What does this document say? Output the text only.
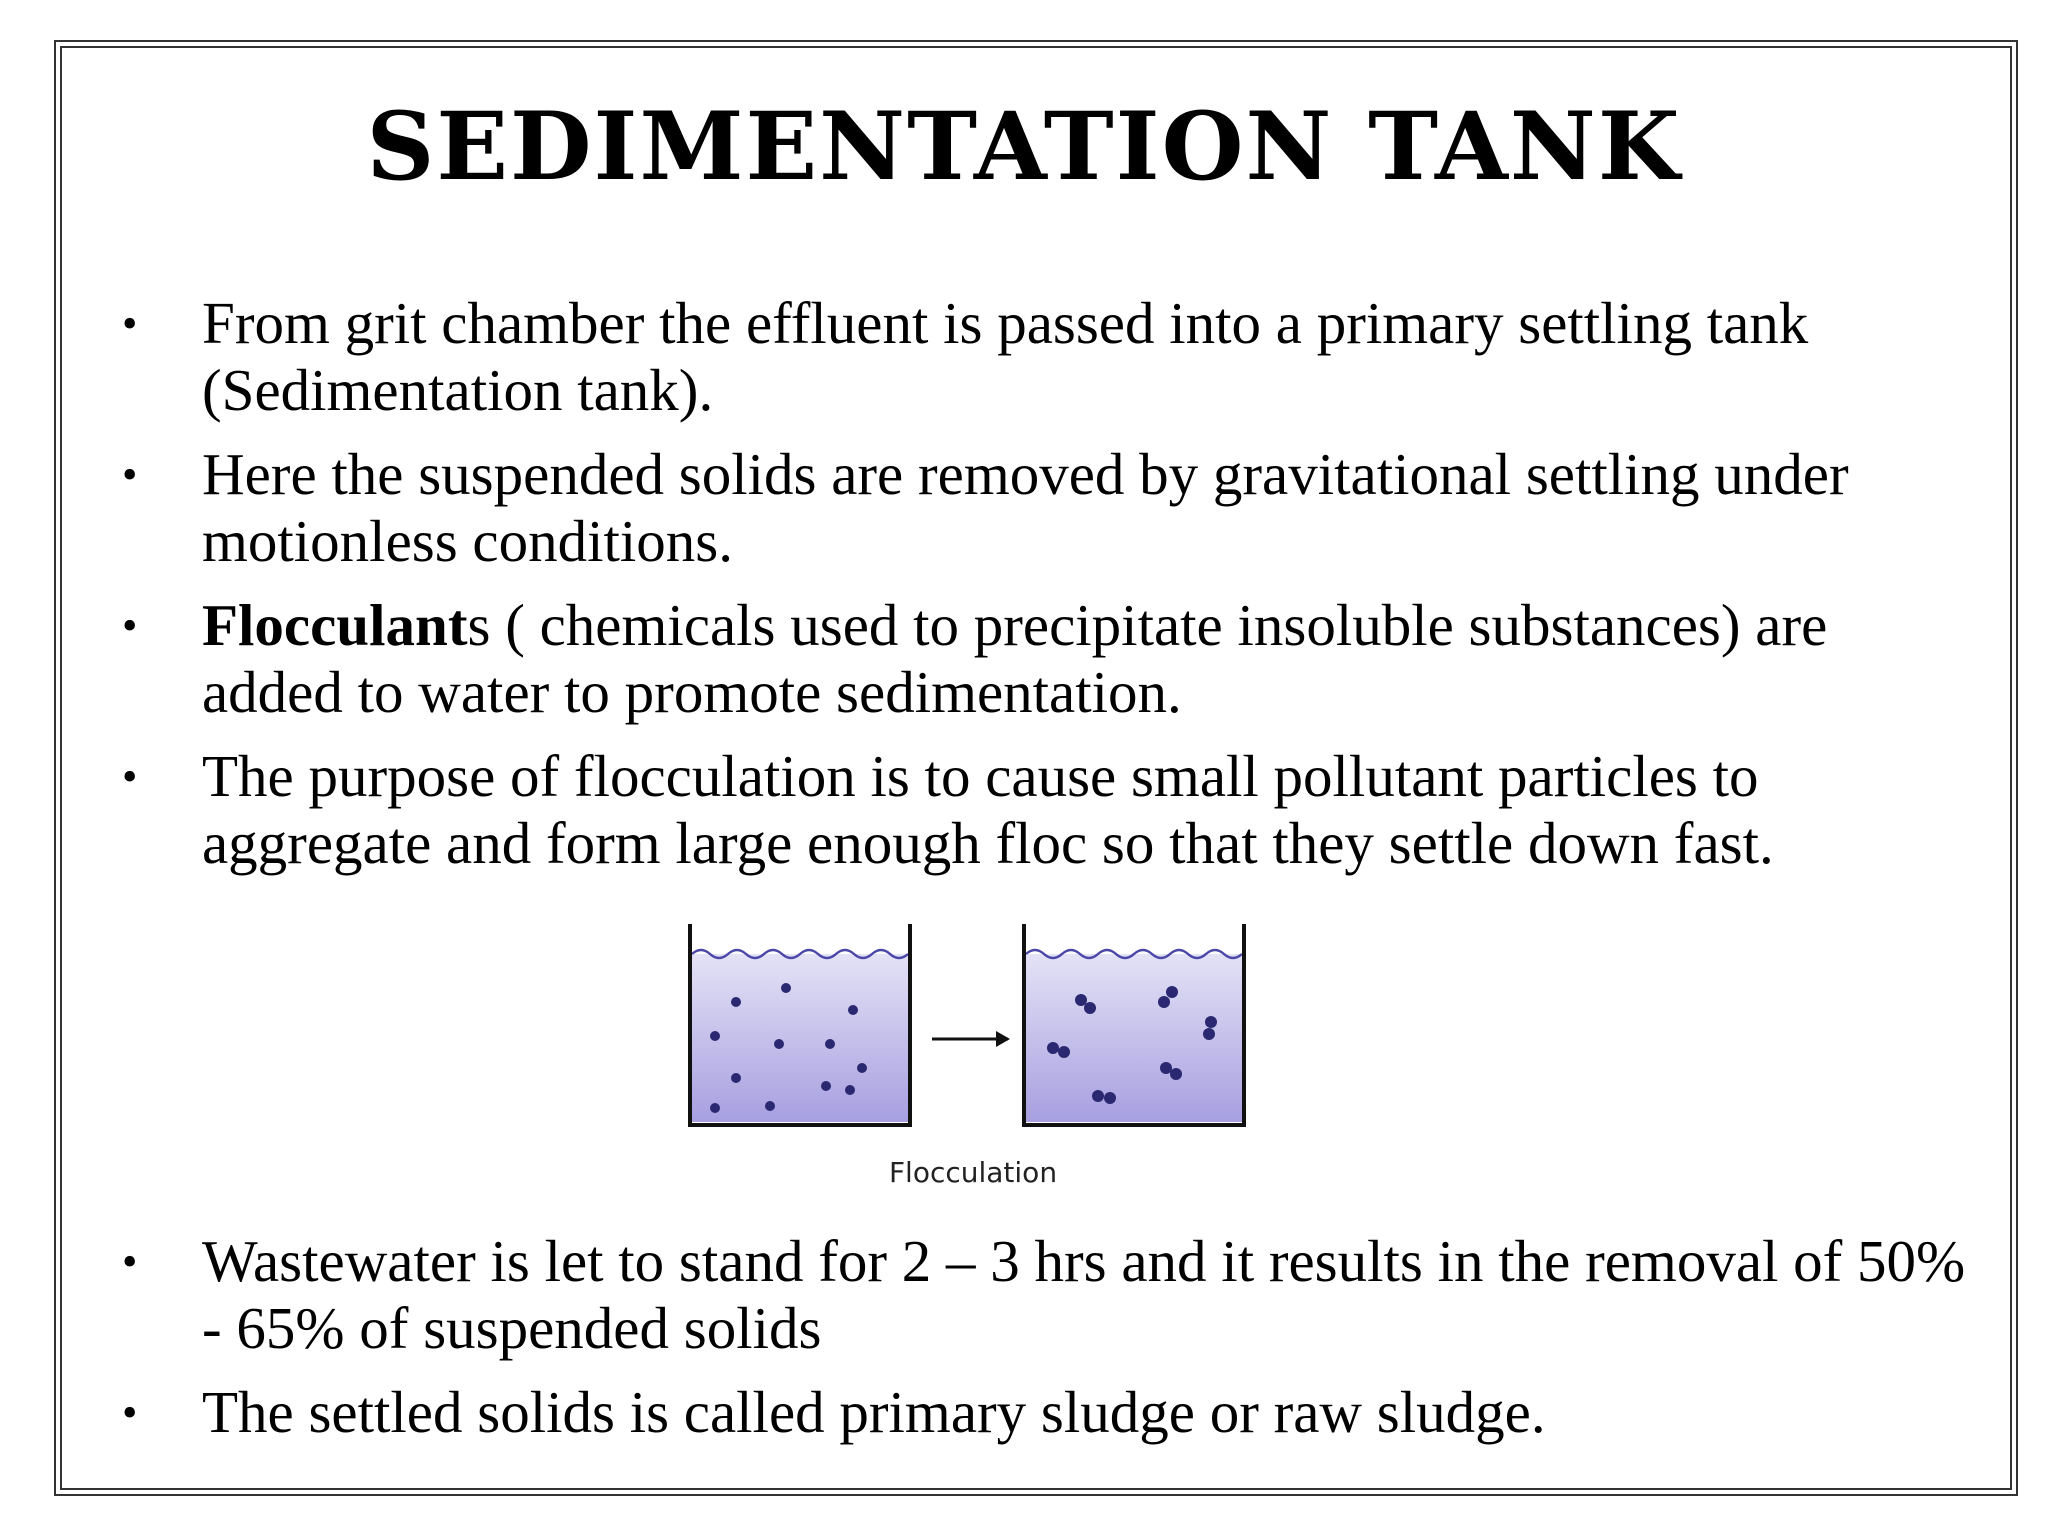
SEDIMENTATION TANK
• From grit chamber the effluent is passed into a primary settling tank (Sedimentation tank).
• Here the suspended solids are removed by gravitational settling under motionless conditions.
• Flocculants ( chemicals used to precipitate insoluble substances) are added to water to promote sedimentation.
• The purpose of flocculation is to cause small pollutant particles to aggregate and form large enough floc so that they settle down fast.
Flocculation
• Wastewater is let to stand for 2 – 3 hrs and it results in the removal of 50% - 65% of suspended solids
• The settled solids is called primary sludge or raw sludge.
